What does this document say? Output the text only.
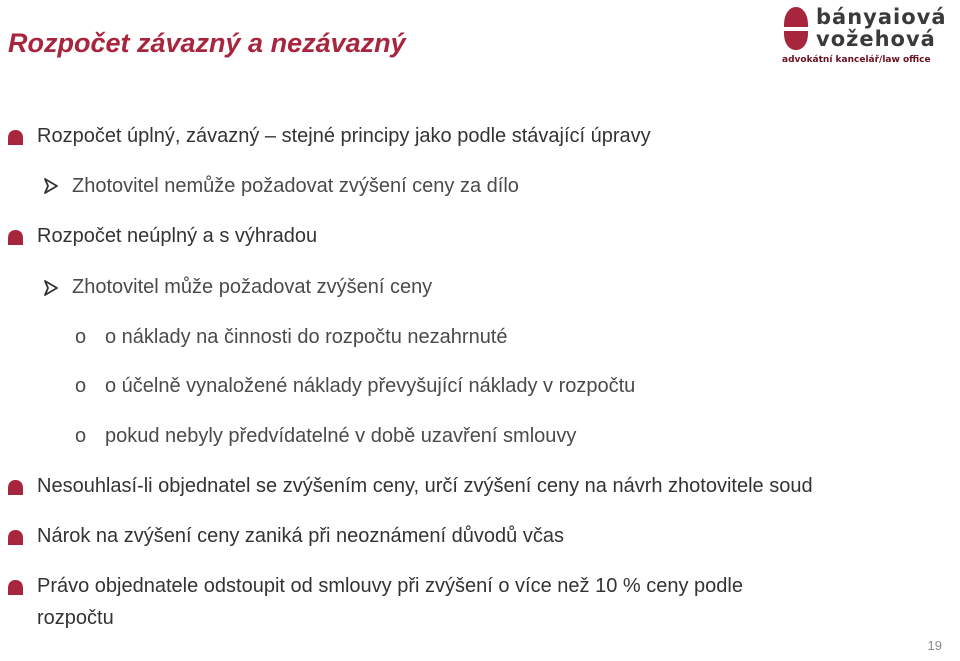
Rozpočet závazný a nezávazný
bányaiová
vožehová
advokátní kancelář/law office
Rozpočet úplný, závazný – stejné principy jako podle stávající úpravy
Zhotovitel nemůže požadovat zvýšení ceny za dílo
Rozpočet neúplný a s výhradou
Zhotovitel může požadovat zvýšení ceny
o o náklady na činnosti do rozpočtu nezahrnuté
o o účelně vynaložené náklady převyšující náklady v rozpočtu
o pokud nebyly předvídatelné v době uzavření smlouvy
Nesouhlasí-li objednatel se zvýšením ceny, určí zvýšení ceny na návrh zhotovitele soud
Nárok na zvýšení ceny zaniká při neoznámení důvodů včas
Právo objednatele odstoupit od smlouvy při zvýšení o více než 10 % ceny podle
rozpočtu
19
